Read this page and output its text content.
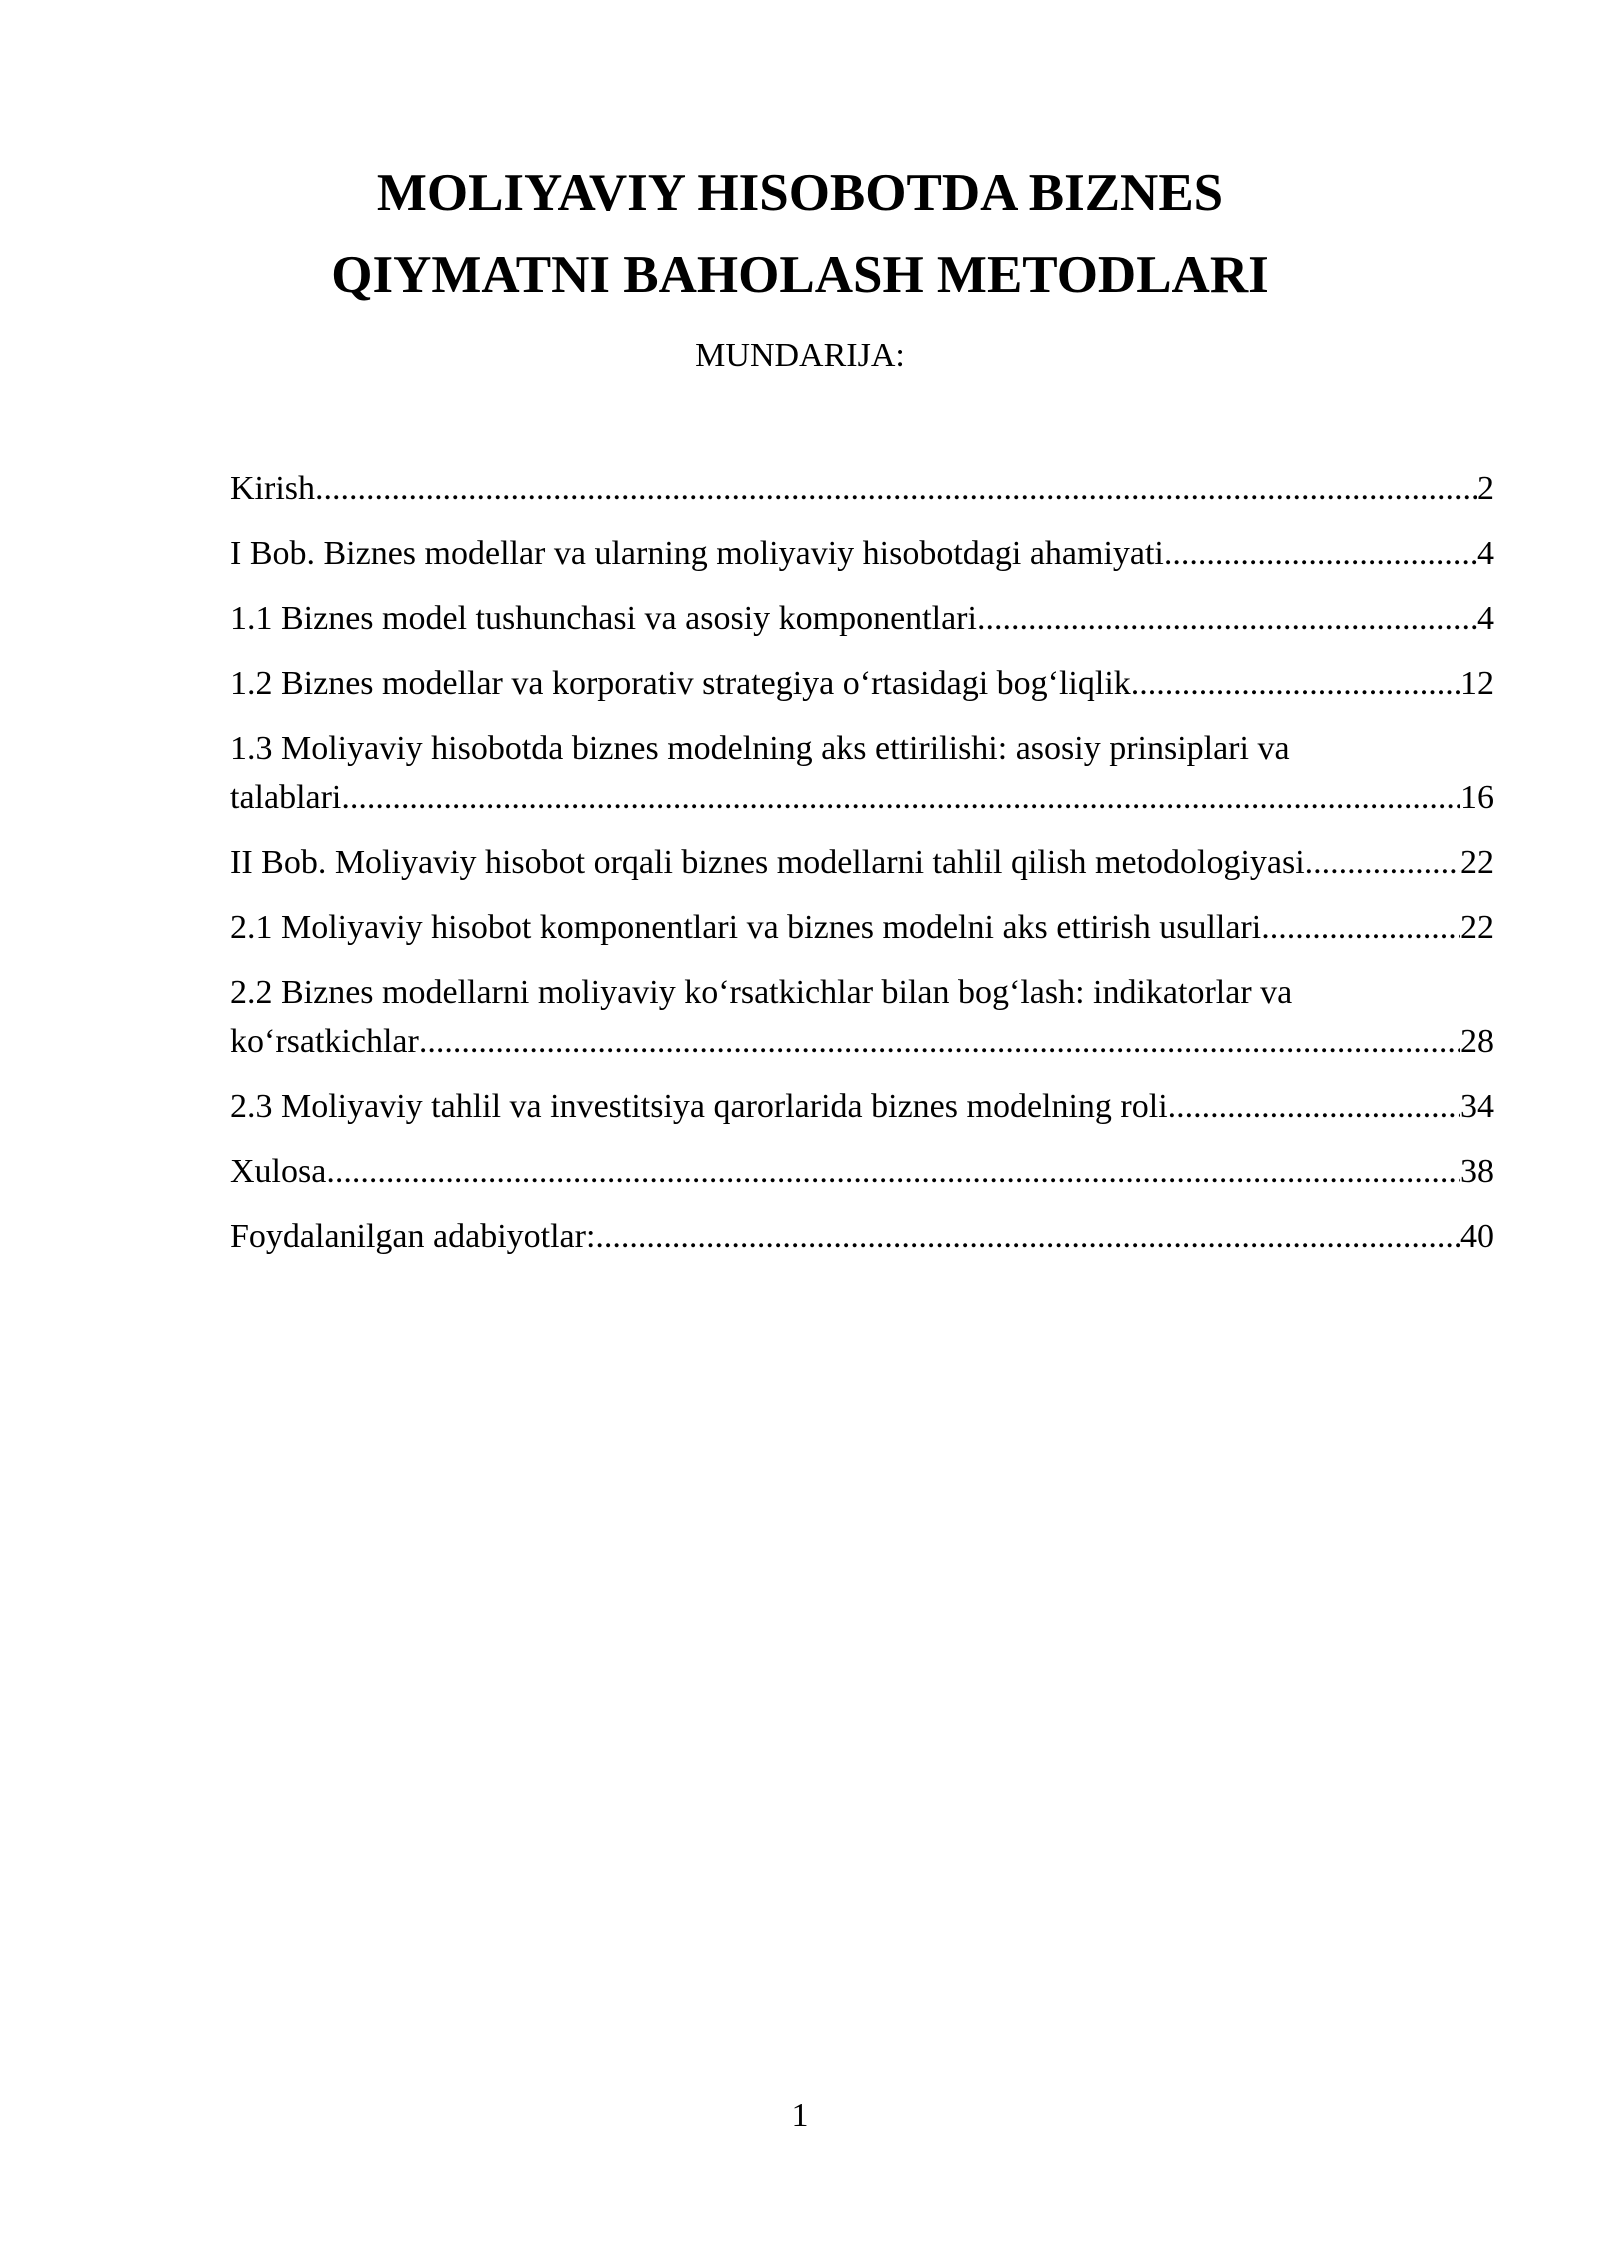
MOLIYAVIY HISOBOTDA BIZNES
QIYMATNI BAHOLASH METODLARI
MUNDARIJA:
Kirish .....	2
I Bob. Biznes modellar va ularning moliyaviy hisobotdagi ahamiyati .....	4
1.1 Biznes model tushunchasi va asosiy komponentlari .....	4
1.2 Biznes modellar va korporativ strategiya o‘rtasidagi bog‘liqlik .....	12
1.3 Moliyaviy hisobotda biznes modelning aks ettirilishi: asosiy prinsiplari va
talablari .....	16
II Bob. Moliyaviy hisobot orqali biznes modellarni tahlil qilish metodologiyasi .....	22
2.1 Moliyaviy hisobot komponentlari va biznes modelni aks ettirish usullari .....	22
2.2 Biznes modellarni moliyaviy ko‘rsatkichlar bilan bog‘lash: indikatorlar va
ko‘rsatkichlar .....	28
2.3 Moliyaviy tahlil va investitsiya qarorlarida biznes modelning roli .....	34
Xulosa .....	38
Foydalanilgan adabiyotlar: .....	40
1
